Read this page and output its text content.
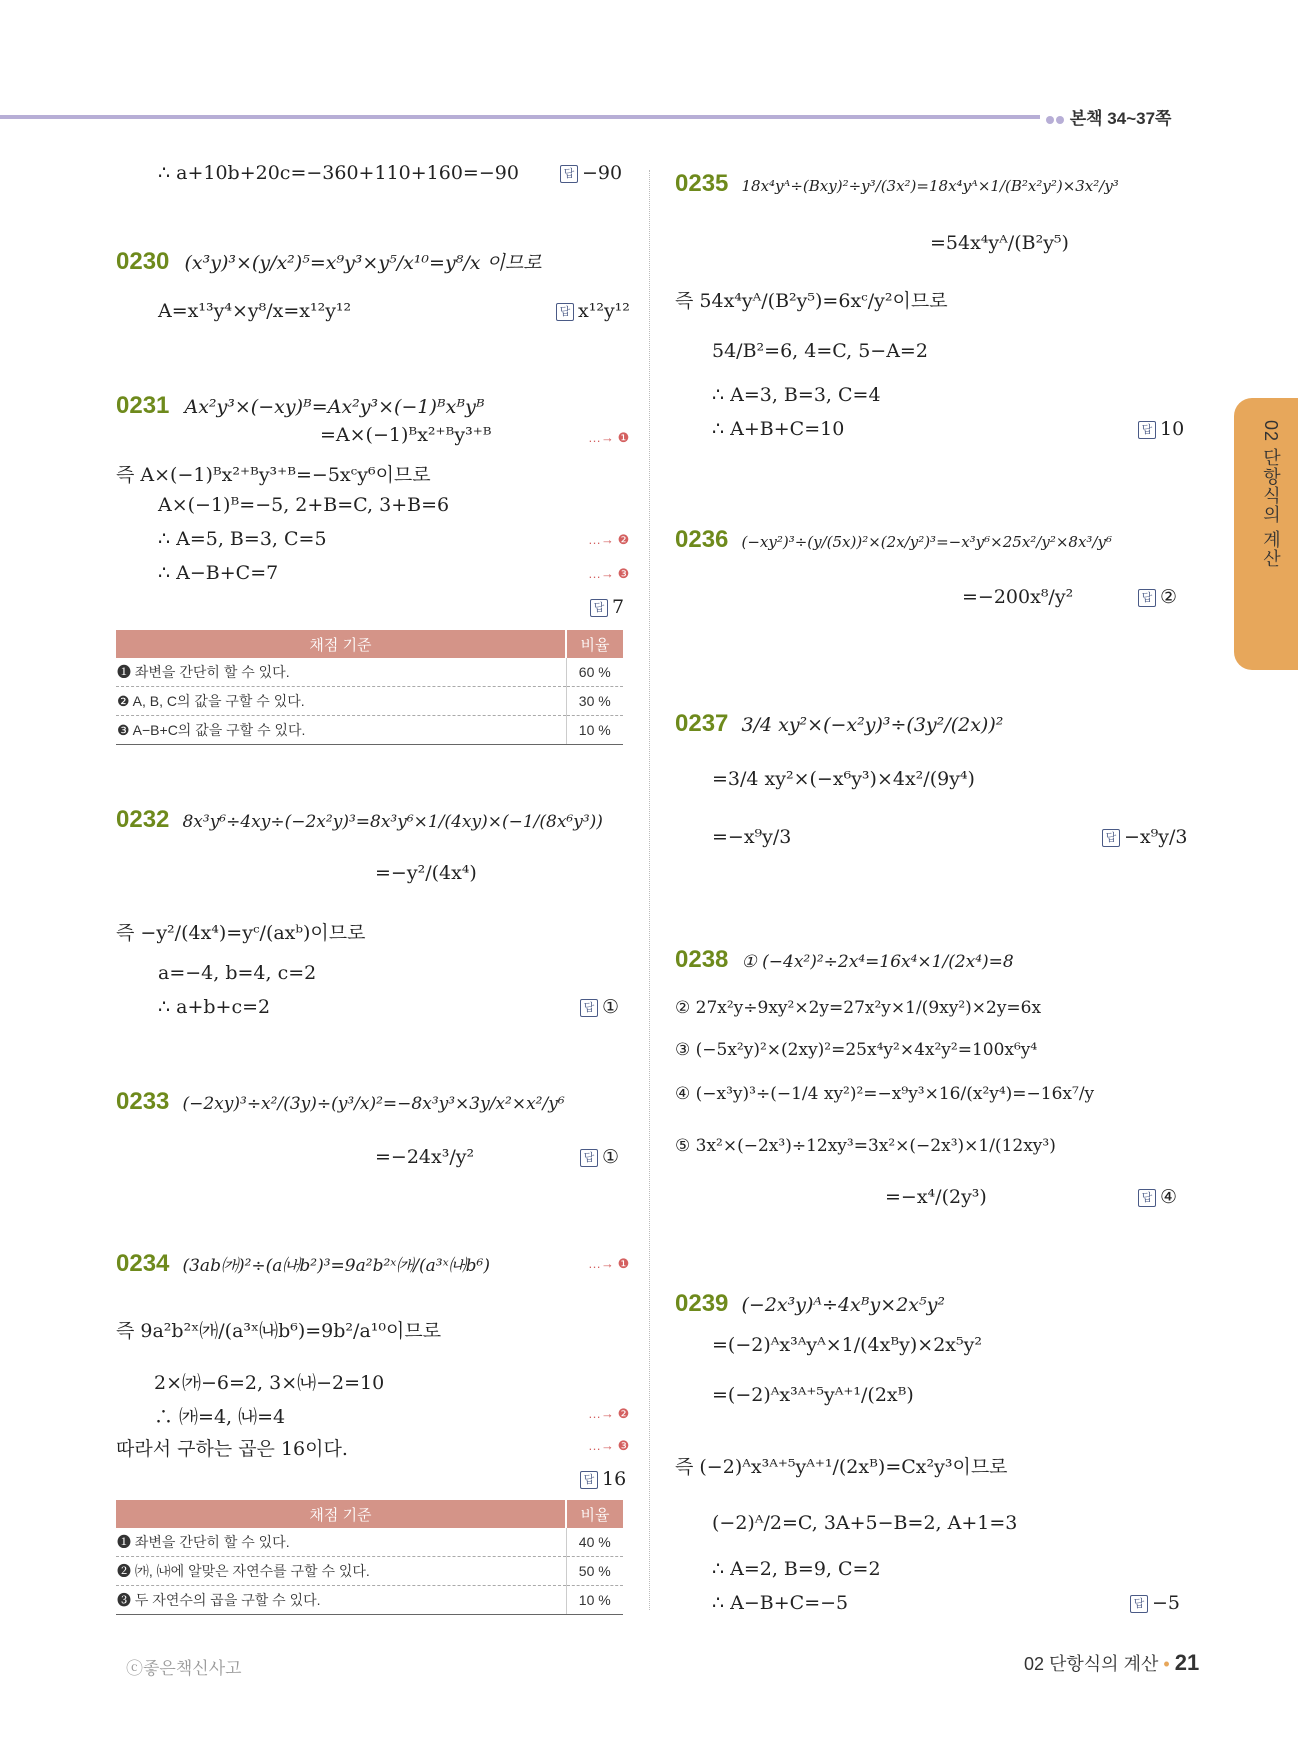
본책 34~37쪽
02 단항식의 계산
∴ a+10b+20c=−360+110+160=−90	답 −90
0230 (x³y)³×(y/x²)⁵=x⁹y³×y⁵/x¹⁰=y⁸/x 이므로
A=x¹³y⁴×y⁸/x=x¹²y¹²	답 x¹²y¹²
0231 Ax²y³×(−xy)ᴮ=Ax²y³×(−1)ᴮxᴮyᴮ
=A×(−1)ᴮx²⁺ᴮy³⁺ᴮ	…→ ❶
즉 A×(−1)ᴮx²⁺ᴮy³⁺ᴮ=−5xᶜy⁶이므로
A×(−1)ᴮ=−5, 2+B=C, 3+B=6
∴ A=5, B=3, C=5	…→ ❷
∴ A−B+C=7	…→ ❸
답 7
채점 기준	비율
❶ 좌변을 간단히 할 수 있다.	60 %
❷ A, B, C의 값을 구할 수 있다.	30 %
❸ A−B+C의 값을 구할 수 있다.	10 %
0232 8x³y⁶÷4xy÷(−2x²y)³=8x³y⁶×1/(4xy)×(−1/(8x⁶y³))
=−y²/(4x⁴)
즉 −y²/(4x⁴)=yᶜ/(axᵇ)이므로
a=−4, b=4, c=2
∴ a+b+c=2	답 ①
0233 (−2xy)³÷x²/(3y)÷(y³/x)²=−8x³y³×3y/x²×x²/y⁶
=−24x³/y²	답 ①
0234 (3ab㈎)²÷(a㈏b²)³=9a²b²ˣ㈎/(a³ˣ㈏b⁶)	…→ ❶
즉 9a²b²ˣ㈎/(a³ˣ㈏b⁶)=9b²/a¹⁰이므로
2×㈎−6=2, 3×㈏−2=10
∴ ㈎=4, ㈏=4	…→ ❷
따라서 구하는 곱은 16이다.	…→ ❸
답 16
채점 기준	비율
❶ 좌변을 간단히 할 수 있다.	40 %
❷ ㈎, ㈏에 알맞은 자연수를 구할 수 있다.	50 %
❸ 두 자연수의 곱을 구할 수 있다.	10 %
0235 18x⁴yᴬ÷(Bxy)²÷y³/(3x²)=18x⁴yᴬ×1/(B²x²y²)×3x²/y³
=54x⁴yᴬ/(B²y⁵)
즉 54x⁴yᴬ/(B²y⁵)=6xᶜ/y²이므로
54/B²=6, 4=C, 5−A=2
∴ A=3, B=3, C=4
∴ A+B+C=10	답 10
0236 (−xy²)³÷(y/(5x))²×(2x/y²)³=−x³y⁶×25x²/y²×8x³/y⁶
=−200x⁸/y²	답 ②
0237 3/4 xy²×(−x²y)³÷(3y²/(2x))²
=3/4 xy²×(−x⁶y³)×4x²/(9y⁴)
=−x⁹y/3	답 −x⁹y/3
0238 ① (−4x²)²÷2x⁴=16x⁴×1/(2x⁴)=8
② 27x²y÷9xy²×2y=27x²y×1/(9xy²)×2y=6x
③ (−5x²y)²×(2xy)²=25x⁴y²×4x²y²=100x⁶y⁴
④ (−x³y)³÷(−1/4 xy²)²=−x⁹y³×16/(x²y⁴)=−16x⁷/y
⑤ 3x²×(−2x³)÷12xy³=3x²×(−2x³)×1/(12xy³)
=−x⁴/(2y³)	답 ④
0239 (−2x³y)ᴬ÷4xᴮy×2x⁵y²
=(−2)ᴬx³ᴬyᴬ×1/(4xᴮy)×2x⁵y²
=(−2)ᴬx³ᴬ⁺⁵yᴬ⁺¹/(2xᴮ)
즉 (−2)ᴬx³ᴬ⁺⁵yᴬ⁺¹/(2xᴮ)=Cx²y³이므로
(−2)ᴬ/2=C, 3A+5−B=2, A+1=3
∴ A=2, B=9, C=2
∴ A−B+C=−5	답 −5
ⓒ좋은책신사고	02 단항식의 계산 • 21
